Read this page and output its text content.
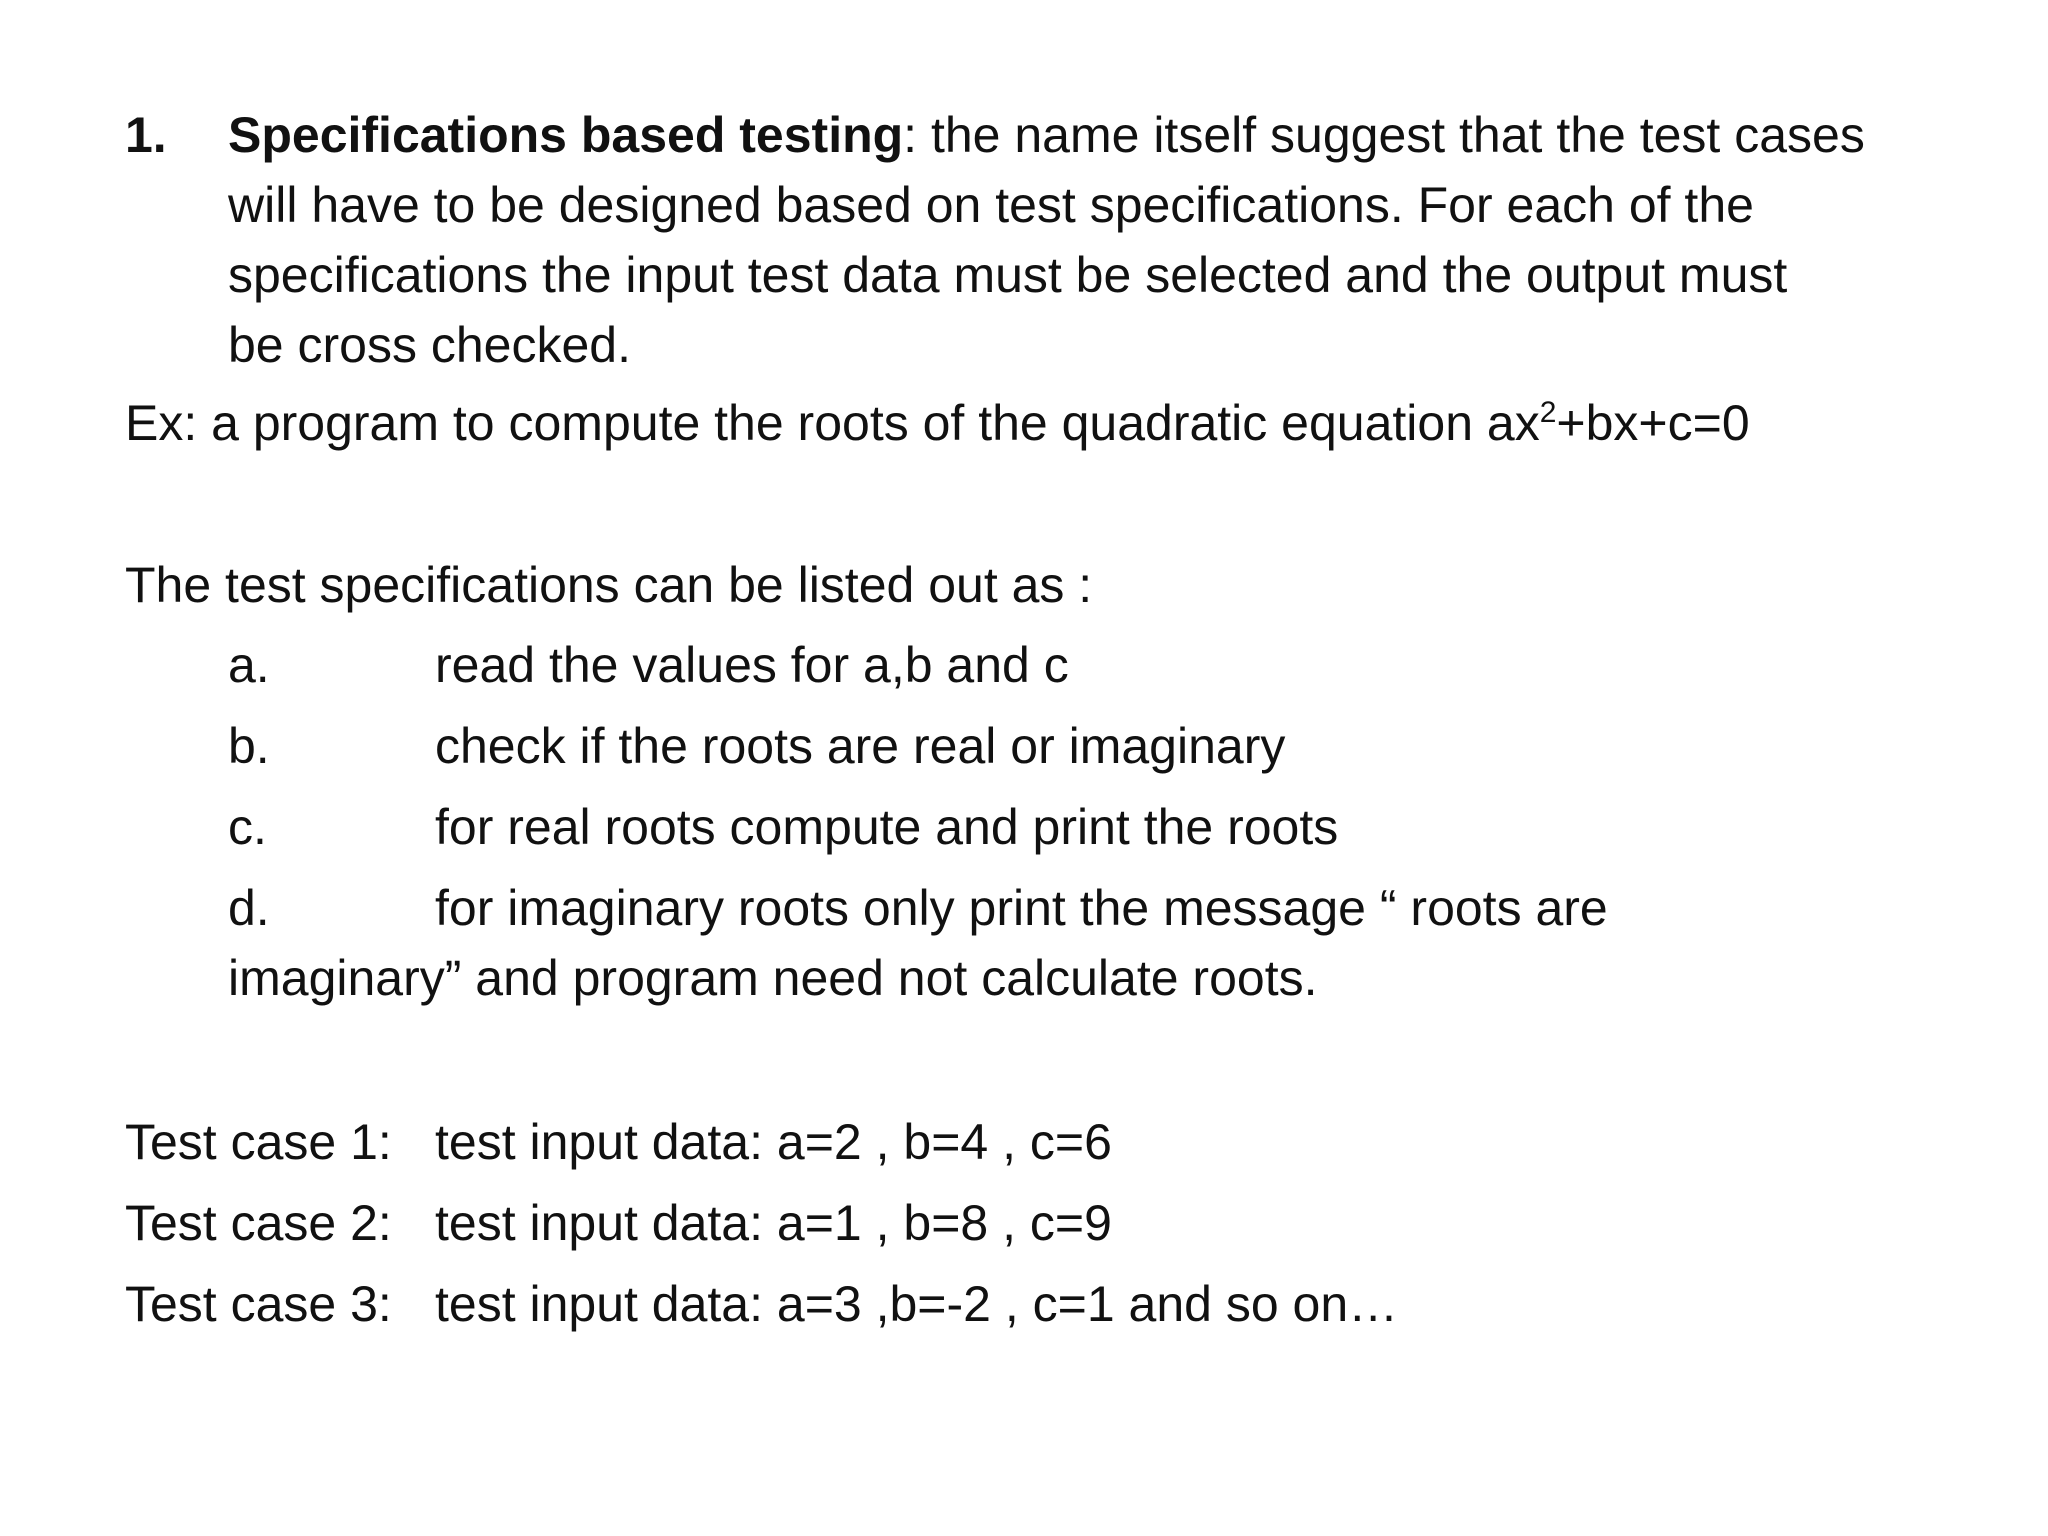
1. Specifications based testing: the name itself suggest that the test cases
will have to be designed based on test specifications. For each of the
specifications the input test data must be selected and the output must
be cross checked.
Ex: a program to compute the roots of the quadratic equation $ax^2+bx+c=0$
The test specifications can be listed out as :
a.	read the values for a,b and c
b.	check if the roots are real or imaginary
c.	for real roots compute and print the roots
d.	for imaginary roots only print the message “ roots are
imaginary” and program need not calculate roots.
Test case 1: test input data: a=2 , b=4 , c=6
Test case 2: test input data: a=1 , b=8 , c=9
Test case 3: test input data: a=3 ,b=-2 , c=1 and so on…
